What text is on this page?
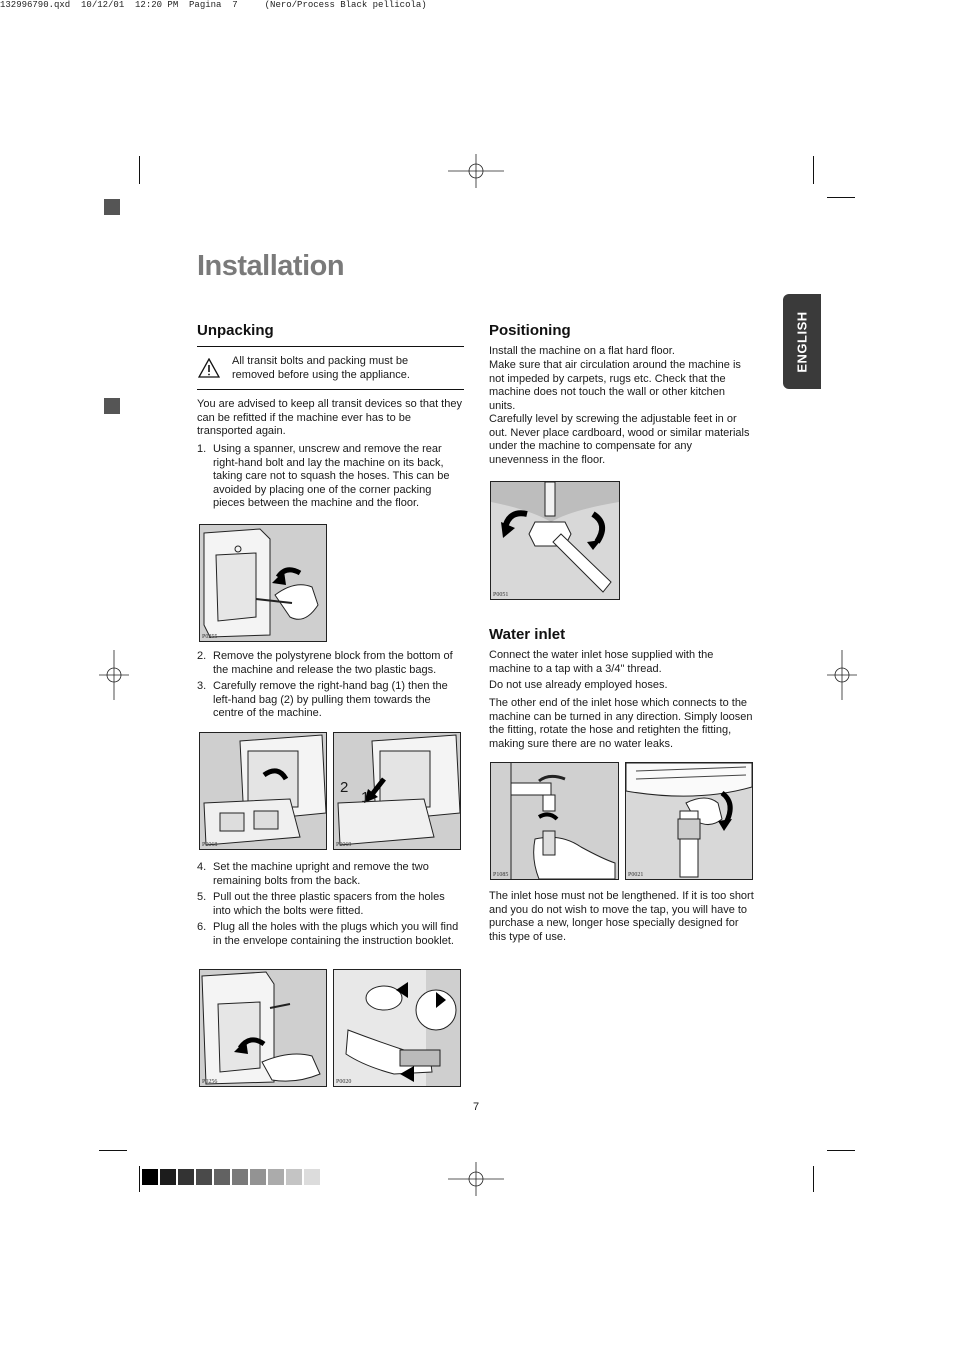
132996790.qxd  10/12/01  12:20 PM  Pagina  7     (Nero/Process Black pellicola)
Installation
ENGLISH
Unpacking
All transit bolts and packing must be removed before using the appliance.
You are advised to keep all transit devices so that they can be refitted if the machine ever has to be transported again.
1. Using a spanner, unscrew and remove the rear right-hand bolt and lay the machine on its back, taking care not to squash the hoses. This can be avoided by placing one of the corner packing pieces between the machine and the floor.
P0255
2. Remove the polystyrene block from the bottom of the machine and release the two plastic bags.
3. Carefully remove the right-hand bag (1) then the left-hand bag (2) by pulling them towards the centre of the machine.
P0068
2
1
P0069
4. Set the machine upright and remove the two remaining bolts from the back.
5. Pull out the three plastic spacers from the holes into which the bolts were fitted.
6. Plug all the holes with the plugs which you will find in the envelope containing the instruction booklet.
P0256	P0020
Positioning
Install the machine on a flat hard floor.
Make sure that air circulation around the machine is not impeded by carpets, rugs etc. Check that the machine does not touch the wall or other kitchen units.
Carefully level by screwing the adjustable feet in or out. Never place cardboard, wood or similar materials under the machine to compensate for any unevenness in the floor.
P0051
Water inlet
Connect the water inlet hose supplied with the machine to a tap with a 3/4" thread.
Do not use already employed hoses.
The other end of the inlet hose which connects to the machine can be turned in any direction. Simply loosen the fitting, rotate the hose and retighten the fitting, making sure there are no water leaks.
P1085	P0021
The inlet hose must not be lengthened. If it is too short and you do not wish to move the tap, you will have to purchase a new, longer hose specially designed for this type of use.
7
